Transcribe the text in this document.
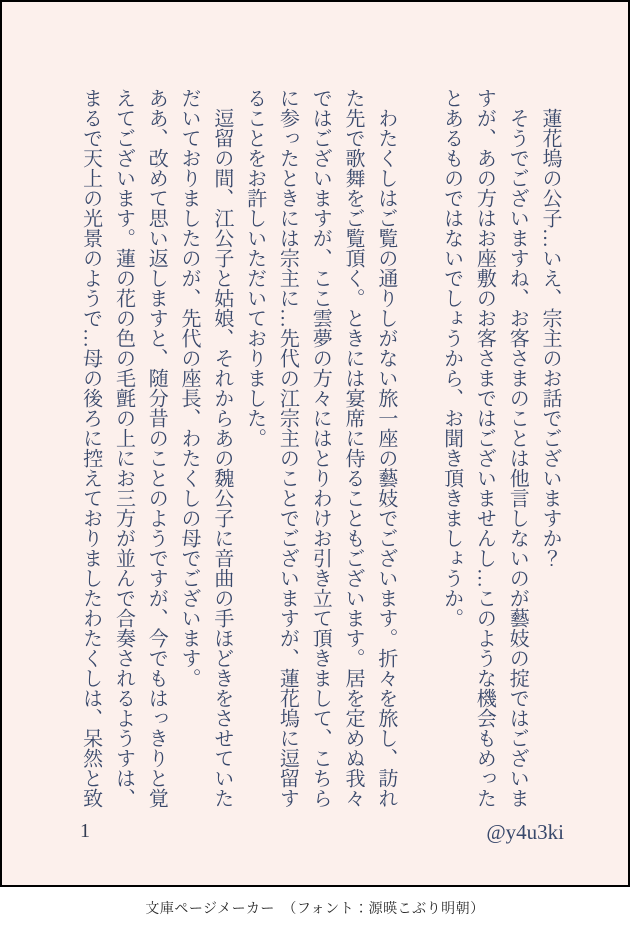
蓮花塢の公子…いえ、宗主のお話でございますか？

そうでございますね、お客さまのことは他言しないのが藝妓の掟ではございますが、あの方はお座敷のお客さまではございませんし…このような機会もめったとあるものではないでしょうから、お聞き頂きましょうか。

わたくしはご覧の通りしがない旅一座の藝妓でございます。折々を旅し、訪れた先で歌舞をご覧頂く。ときには宴席に侍ることもございます。居を定めぬ我々ではございますが、ここ雲夢の方々にはとりわけお引き立て頂きまして、こちらに参ったときには宗主に…先代の江宗主のことでございますが、蓮花塢に逗留することをお許しいただいておりました。

逗留の間、江公子と姑娘、それからあの魏公子に音曲の手ほどきをさせていただいておりましたのが、先代の座長、わたくしの母でございます。

ああ、改めて思い返しますと、随分昔のことのようですが、今でもはっきりと覚えてございます。蓮の花の色の毛氈の上にお三方が並んで合奏されるようすは、まるで天上の光景のようで…母の後ろに控えておりましたわたくしは、呆然と致

1	@y4u3ki
文庫ページメーカー　（フォント：源暎こぶり明朝）
